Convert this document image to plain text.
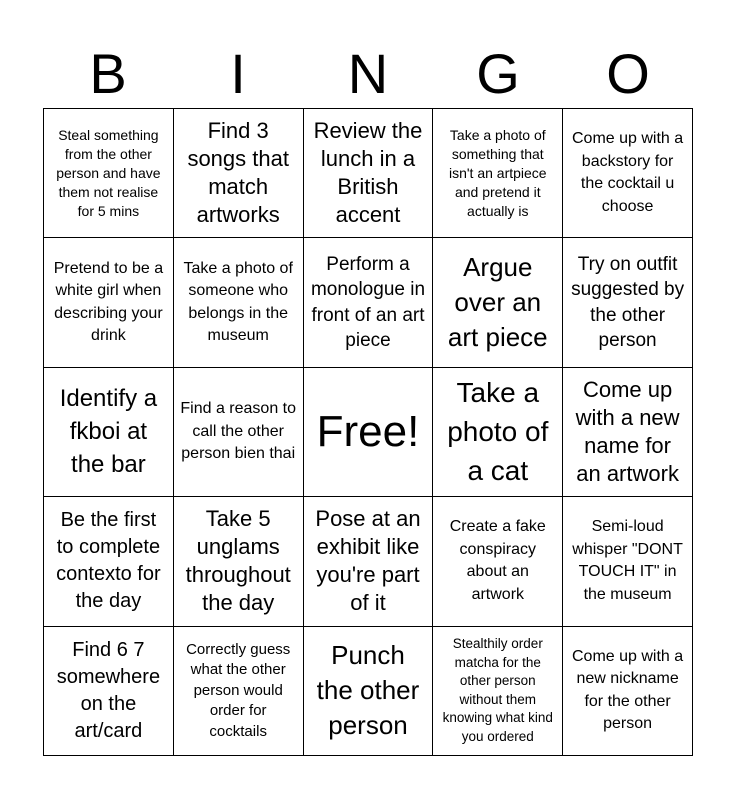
B	I	N	G	O
Steal something from the other person and have them not realise for 5 mins
Find 3 songs that match artworks
Review the lunch in a British accent
Take a photo of something that isn't an artpiece and pretend it actually is
Come up with a backstory for the cocktail u choose
Pretend to be a white girl when describing your drink
Take a photo of someone who belongs in the museum
Perform a monologue in front of an art piece
Argue over an art piece
Try on outfit suggested by the other person
Identify a fkboi at the bar
Find a reason to call the other person bien thai Free!
Take a photo of a cat
Come up with a new name for an artwork
Be the first to complete contexto for the day
Take 5 unglams throughout the day
Pose at an exhibit like you're part of it
Create a fake conspiracy about an artwork
Semi-loud whisper "DONT TOUCH IT" in the museum
Find 6 7 somewhere on the art/card
Correctly guess what the other person would order for cocktails
Punch the other person
Stealthily order matcha for the other person without them knowing what kind you ordered
Come up with a new nickname for the other person
